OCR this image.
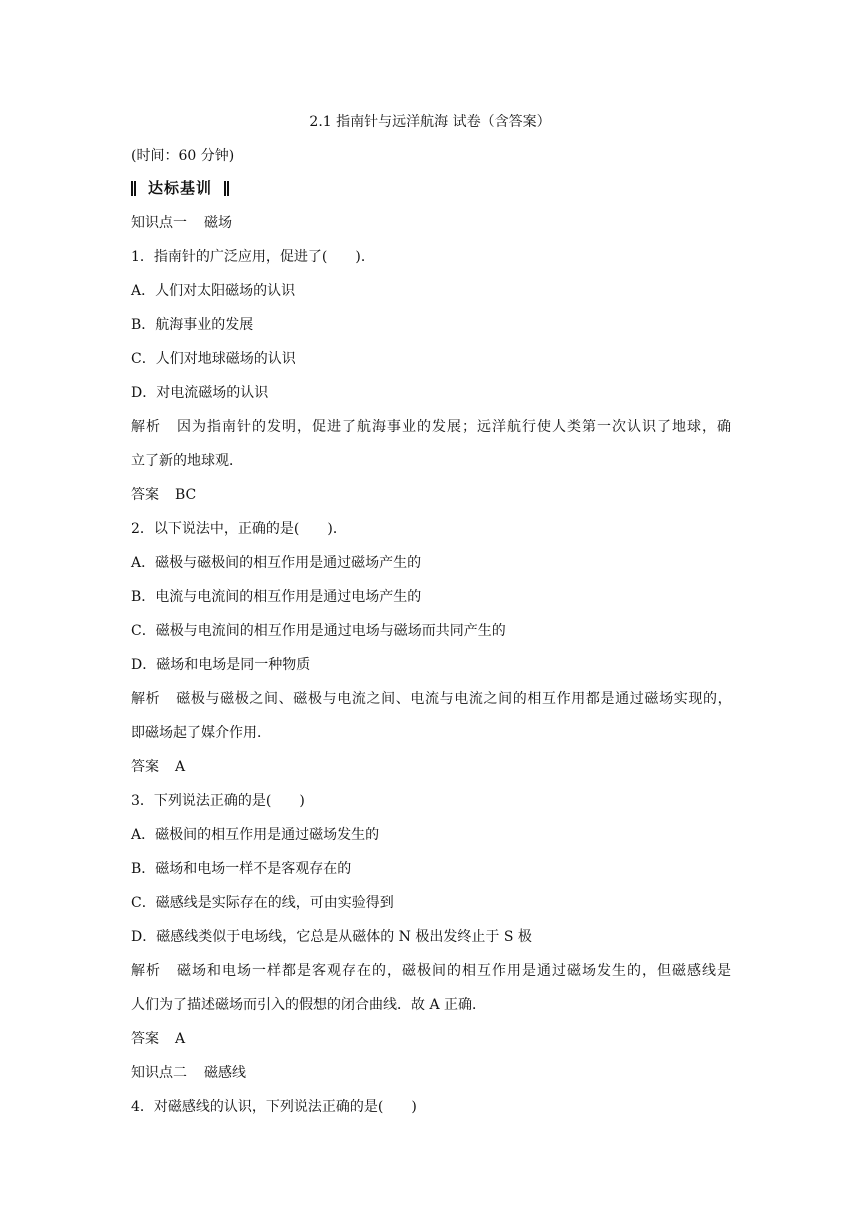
2.1 指南针与远洋航海 试卷（含答案）
(时间：60 分钟)
达标基训
知识点一 磁场
1．指南针的广泛应用，促进了(　　)．
A．人们对太阳磁场的认识
B．航海事业的发展
C．人们对地球磁场的认识
D．对电流磁场的认识
解析 因为指南针的发明，促进了航海事业的发展；远洋航行使人类第一次认识了地球，确
立了新的地球观．
答案 BC
2．以下说法中，正确的是(　　)．
A．磁极与磁极间的相互作用是通过磁场产生的
B．电流与电流间的相互作用是通过电场产生的
C．磁极与电流间的相互作用是通过电场与磁场而共同产生的
D．磁场和电场是同一种物质
解析 磁极与磁极之间、磁极与电流之间、电流与电流之间的相互作用都是通过磁场实现的，
即磁场起了媒介作用．
答案 A
3．下列说法正确的是(　　)
A．磁极间的相互作用是通过磁场发生的
B．磁场和电场一样不是客观存在的
C．磁感线是实际存在的线，可由实验得到
D．磁感线类似于电场线，它总是从磁体的 N 极出发终止于 S 极
解析 磁场和电场一样都是客观存在的，磁极间的相互作用是通过磁场发生的，但磁感线是
人们为了描述磁场而引入的假想的闭合曲线．故 A 正确．
答案 A
知识点二 磁感线
4．对磁感线的认识，下列说法正确的是(　　)
